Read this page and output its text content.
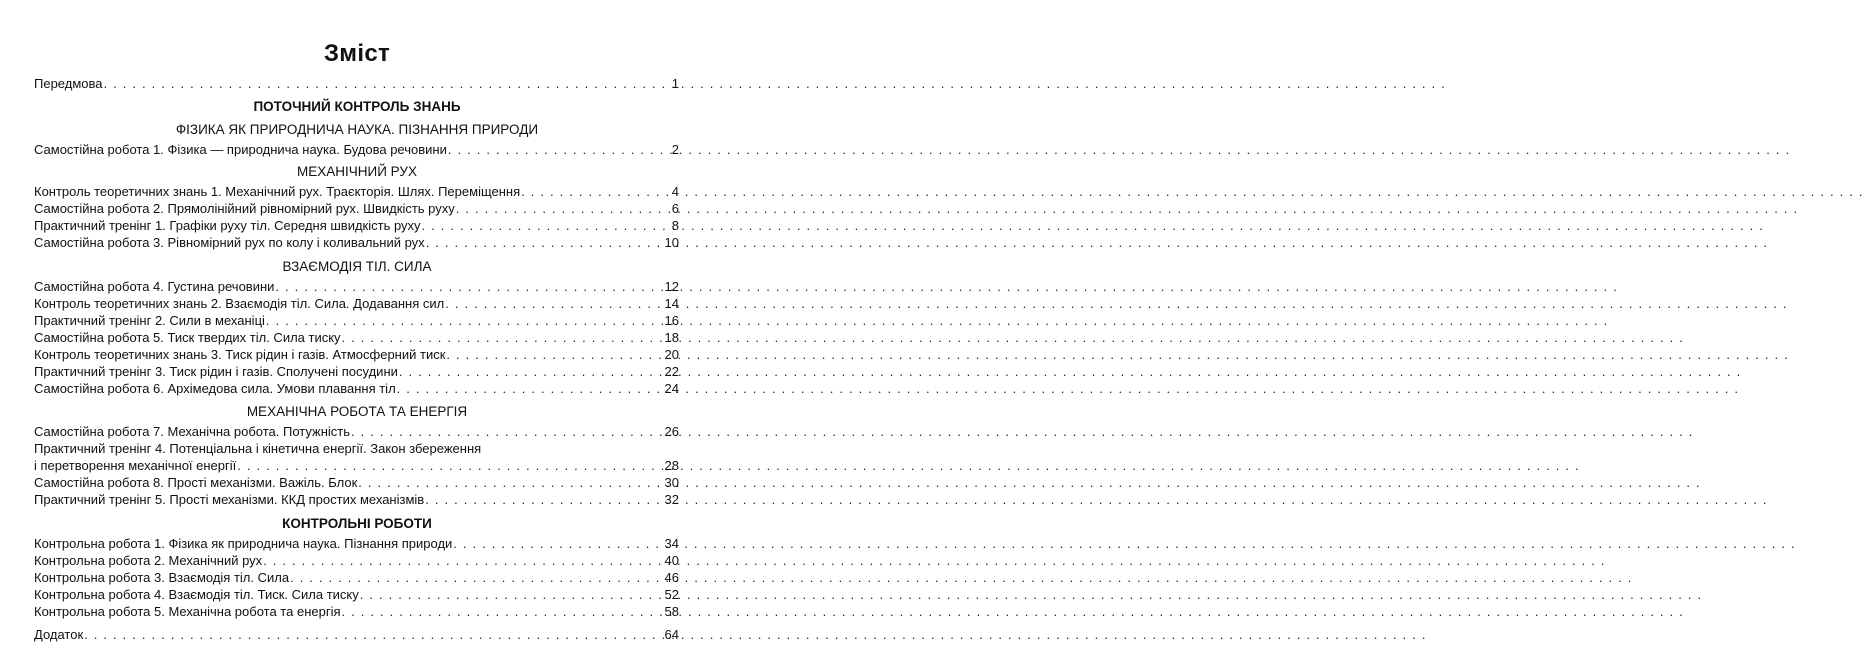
Зміст
Передмова . . .	1
ПОТОЧНИЙ КОНТРОЛЬ ЗНАНЬ
ФІЗИКА ЯК ПРИРОДНИЧА НАУКА. ПІЗНАННЯ ПРИРОДИ
Самостійна робота 1. Фізика — природнича наука. Будова речовини . . .	2
МЕХАНІЧНИЙ РУХ
Контроль теоретичних знань 1. Механічний рух. Траєкторія. Шлях. Переміщення . . .	4
Самостійна робота 2. Прямолінійний рівномірний рух. Швидкість руху . . .	6
Практичний тренінг 1. Графіки руху тіл. Середня швидкість руху . . .	8
Самостійна робота 3. Рівномірний рух по колу і коливальний рух . . .	10
ВЗАЄМОДІЯ ТІЛ. СИЛА
Самостійна робота 4. Густина речовини . . .	12
Контроль теоретичних знань 2. Взаємодія тіл. Сила. Додавання сил . . .	14
Практичний тренінг 2. Сили в механіці . . .	16
Самостійна робота 5. Тиск твердих тіл. Сила тиску . . .	18
Контроль теоретичних знань 3. Тиск рідин і газів. Атмосферний тиск . . .	20
Практичний тренінг 3. Тиск рідин і газів. Сполучені посудини . . .	22
Самостійна робота 6. Архімедова сила. Умови плавання тіл . . .	24
МЕХАНІЧНА РОБОТА ТА ЕНЕРГІЯ
Самостійна робота 7. Механічна робота. Потужність . . .	26
Практичний тренінг 4. Потенціальна і кінетична енергії. Закон збереження
і перетворення механічної енергії . . .	28
Самостійна робота 8. Прості механізми. Важіль. Блок . . .	30
Практичний тренінг 5. Прості механізми. ККД простих механізмів . . .	32
КОНТРОЛЬНІ РОБОТИ
Контрольна робота 1. Фізика як природнича наука. Пізнання природи . . .	34
Контрольна робота 2. Механічний рух . . .	40
Контрольна робота 3. Взаємодія тіл. Сила . . .	46
Контрольна робота 4. Взаємодія тіл. Тиск. Сила тиску . . .	52
Контрольна робота 5. Механічна робота та енергія . . .	58
Додаток . . .	64
